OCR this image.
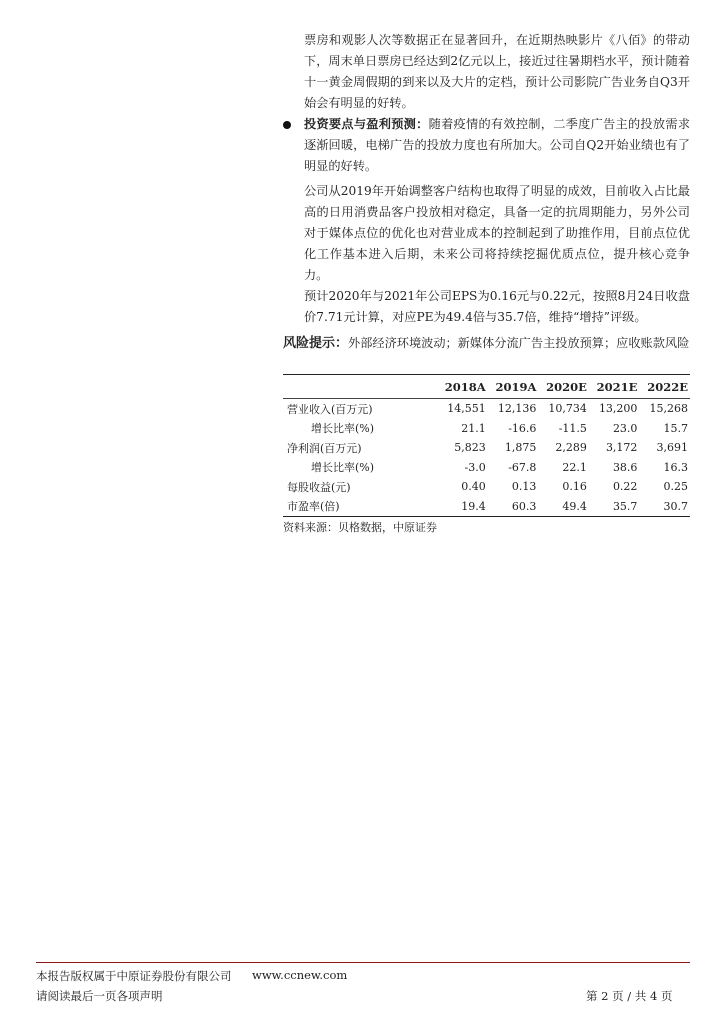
票房和观影人次等数据正在显著回升，在近期热映影片《八佰》的带动下，周末单日票房已经达到2亿元以上，接近过往暑期档水平，预计随着十一黄金周假期的到来以及大片的定档，预计公司影院广告业务自Q3开始会有明显的好转。

投资要点与盈利预测：随着疫情的有效控制，二季度广告主的投放需求逐渐回暖，电梯广告的投放力度也有所加大。公司自Q2开始业绩也有了明显的好转。

公司从2019年开始调整客户结构也取得了明显的成效，目前收入占比最高的日用消费品客户投放相对稳定，具备一定的抗周期能力，另外公司对于媒体点位的优化也对营业成本的控制起到了助推作用，目前点位优化工作基本进入后期，未来公司将持续挖掘优质点位，提升核心竞争力。

预计2020年与2021年公司EPS为0.16元与0.22元，按照8月24日收盘价7.71元计算，对应PE为49.4倍与35.7倍，维持“增持”评级。

风险提示：外部经济环境波动；新媒体分流广告主投放预算；应收账款风险

	2018A	2019A	2020E	2021E	2022E
营业收入(百万元)	14,551	12,136	10,734	13,200	15,268
增长比率(%)	21.1	-16.6	-11.5	23.0	15.7
净利润(百万元)	5,823	1,875	2,289	3,172	3,691
增长比率(%)	-3.0	-67.8	22.1	38.6	16.3
每股收益(元)	0.40	0.13	0.16	0.22	0.25
市盈率(倍)	19.4	60.3	49.4	35.7	30.7
资料来源：贝格数据，中原证券
本报告版权属于中原证券股份有限公司 www.ccnew.com
请阅读最后一页各项声明	第 2 页 / 共 4 页
